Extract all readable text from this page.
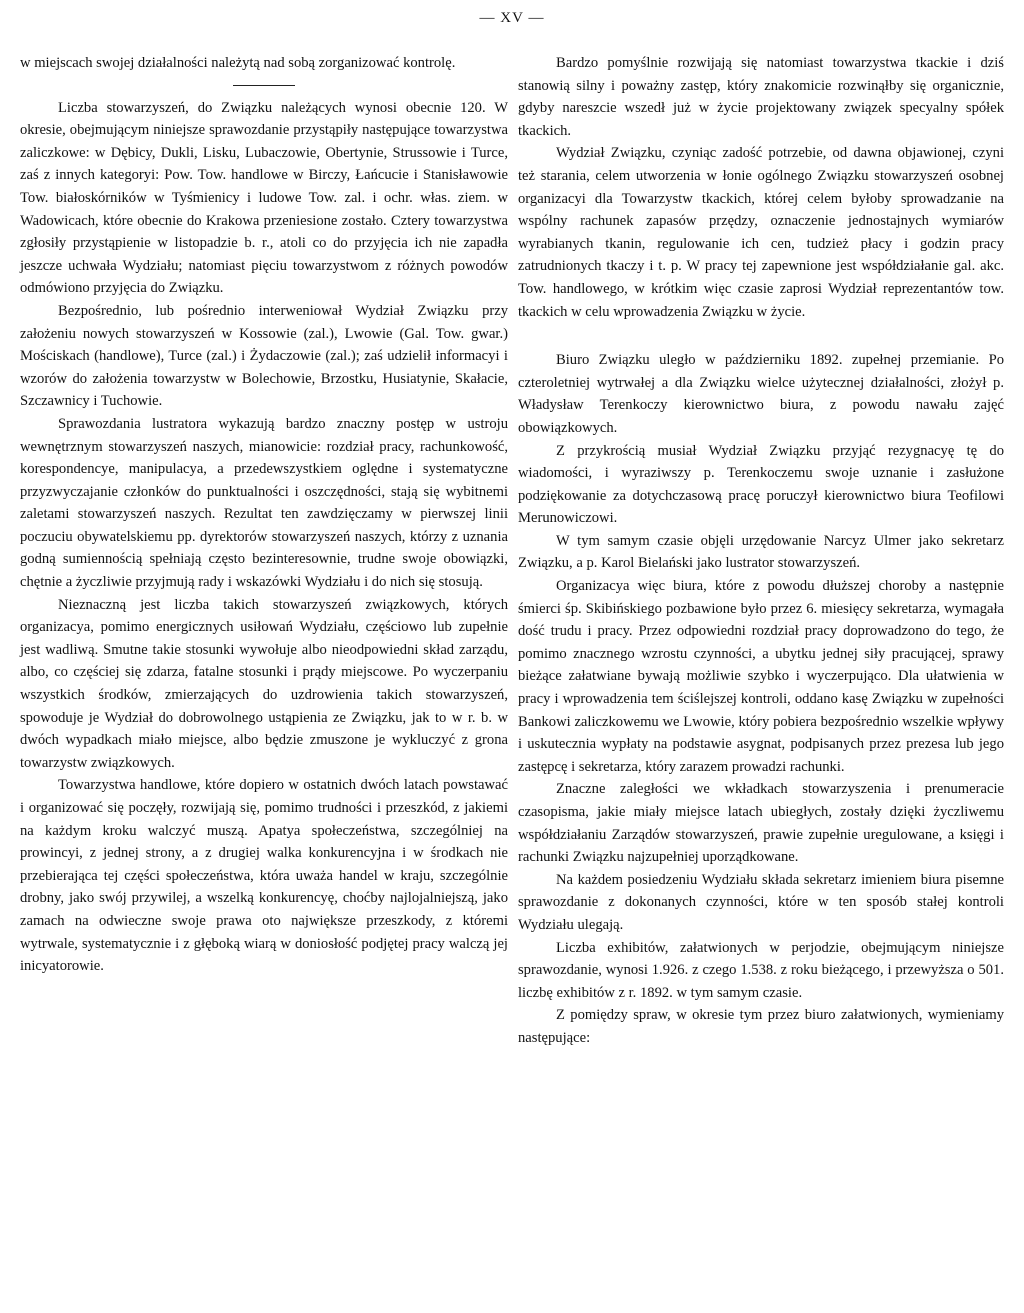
— XV —

w miejscach swojej działalności należytą nad sobą zorganizować kontrolę.

Liczba stowarzyszeń, do Związku należących wynosi obecnie 120. W okresie, obejmującym niniejsze sprawozdanie przystąpiły następujące towarzystwa zaliczkowe: w Dębicy, Dukli, Lisku, Lubaczowie, Obertynie, Strussowie i Turce, zaś z innych kategoryi: Pow. Tow. handlowe w Birczy, Łańcucie i Stanisławowie Tow. białoskórników w Tyśmienicy i ludowe Tow. zal. i ochr. włas. ziem. w Wadowicach, które obecnie do Krakowa przeniesione zostało. Cztery towarzystwa zgłosiły przystąpienie w listopadzie b. r., atoli co do przyjęcia ich nie zapadła jeszcze uchwała Wydziału; natomiast pięciu towarzystwom z różnych powodów odmówiono przyjęcia do Związku.

Bezpośrednio, lub pośrednio interweniował Wydział Związku przy założeniu nowych stowarzyszeń w Kossowie (zal.), Lwowie (Gal. Tow. gwar.) Mościskach (handlowe), Turce (zal.) i Żydaczowie (zal.); zaś udzielił informacyi i wzorów do założenia towarzystw w Bolechowie, Brzostku, Husiatynie, Skałacie, Szczawnicy i Tuchowie.

Sprawozdania lustratora wykazują bardzo znaczny postęp w ustroju wewnętrznym stowarzyszeń naszych, mianowicie: rozdział pracy, rachunkowość, korespondencye, manipulacya, a przedewszystkiem oględne i systematyczne przyzwyczajanie członków do punktualności i oszczędności, stają się wybitnemi zaletami stowarzyszeń naszych. Rezultat ten zawdzięczamy w pierwszej linii poczuciu obywatelskiemu pp. dyrektorów stowarzyszeń naszych, którzy z uznania godną sumiennością spełniają często bezinteresownie, trudne swoje obowiązki, chętnie a życzliwie przyjmują rady i wskazówki Wydziału i do nich się stosują.

Nieznaczną jest liczba takich stowarzyszeń związkowych, których organizacya, pomimo energicznych usiłowań Wydziału, częściowo lub zupełnie jest wadliwą. Smutne takie stosunki wywołuje albo nieodpowiedni skład zarządu, albo, co częściej się zdarza, fatalne stosunki i prądy miejscowe. Po wyczerpaniu wszystkich środków, zmierzających do uzdrowienia takich stowarzyszeń, spowoduje je Wydział do dobrowolnego ustąpienia ze Związku, jak to w r. b. w dwóch wypadkach miało miejsce, albo będzie zmuszone je wykluczyć z grona towarzystw związkowych.

Towarzystwa handlowe, które dopiero w ostatnich dwóch latach powstawać i organizować się poczęły, rozwijają się, pomimo trudności i przeszkód, z jakiemi na każdym kroku walczyć muszą. Apatya społeczeństwa, szczególniej na prowincyi, z jednej strony, a z drugiej walka konkurencyjna i w środkach nie przebierająca tej części społeczeństwa, która uważa handel w kraju, szczególnie drobny, jako swój przywilej, a wszelką konkurencyę, choćby najlojalniejszą, jako zamach na odwieczne swoje prawa oto największe przeszkody, z któremi wytrwale, systematycznie i z głęboką wiarą w doniosłość podjętej pracy walczą jej inicyatorowie.

Bardzo pomyślnie rozwijają się natomiast towarzystwa tkackie i dziś stanowią silny i poważny zastęp, który znakomicie rozwinąłby się organicznie, gdyby nareszcie wszedł już w życie projektowany związek specyalny spółek tkackich.

Wydział Związku, czyniąc zadość potrzebie, od dawna objawionej, czyni też starania, celem utworzenia w łonie ogólnego Związku stowarzyszeń osobnej organizacyi dla Towarzystw tkackich, której celem byłoby sprowadzanie na wspólny rachunek zapasów przędzy, oznaczenie jednostajnych wymiarów wyrabianych tkanin, regulowanie ich cen, tudzież płacy i godzin pracy zatrudnionych tkaczy i t. p. W pracy tej zapewnione jest współdziałanie gal. akc. Tow. handlowego, w krótkim więc czasie zaprosi Wydział reprezentantów tow. tkackich w celu wprowadzenia Związku w życie.

Biuro Związku uległo w październiku 1892. zupełnej przemianie. Po czteroletniej wytrwałej a dla Związku wielce użytecznej działalności, złożył p. Władysław Terenkoczy kierownictwo biura, z powodu nawału zajęć obowiązkowych.

Z przykrością musiał Wydział Związku przyjąć rezygnacyę tę do wiadomości, i wyraziwszy p. Terenkoczemu swoje uznanie i zasłużone podziękowanie za dotychczasową pracę poruczył kierownictwo biura Teofilowi Merunowiczowi.

W tym samym czasie objęli urzędowanie Narcyz Ulmer jako sekretarz Związku, a p. Karol Bielański jako lustrator stowarzyszeń.

Organizacya więc biura, które z powodu dłuższej choroby a następnie śmierci śp. Skibińskiego pozbawione było przez 6. miesięcy sekretarza, wymagała dość trudu i pracy. Przez odpowiedni rozdział pracy doprowadzono do tego, że pomimo znacznego wzrostu czynności, a ubytku jednej siły pracującej, sprawy bieżące załatwiane bywają możliwie szybko i wyczerpująco. Dla ułatwienia w pracy i wprowadzenia tem ściślejszej kontroli, oddano kasę Związku w zupełności Bankowi zaliczkowemu we Lwowie, który pobiera bezpośrednio wszelkie wpływy i uskutecznia wypłaty na podstawie asygnat, podpisanych przez prezesa lub jego zastępcę i sekretarza, który zarazem prowadzi rachunki.

Znaczne zaległości we wkładkach stowarzyszenia i prenumeracie czasopisma, jakie miały miejsce latach ubiegłych, zostały dzięki życzliwemu współdziałaniu Zarządów stowarzyszeń, prawie zupełnie uregulowane, a księgi i rachunki Związku najzupełniej uporządkowane.

Na każdem posiedzeniu Wydziału składa sekretarz imieniem biura pisemne sprawozdanie z dokonanych czynności, które w ten sposób stałej kontroli Wydziału ulegają.

Liczba exhibitów, załatwionych w perjodzie, obejmującym niniejsze sprawozdanie, wynosi 1.926. z czego 1.538. z roku bieżącego, i przewyższa o 501. liczbę exhibitów z r. 1892. w tym samym czasie.

Z pomiędzy spraw, w okresie tym przez biuro załatwionych, wymieniamy następujące:
